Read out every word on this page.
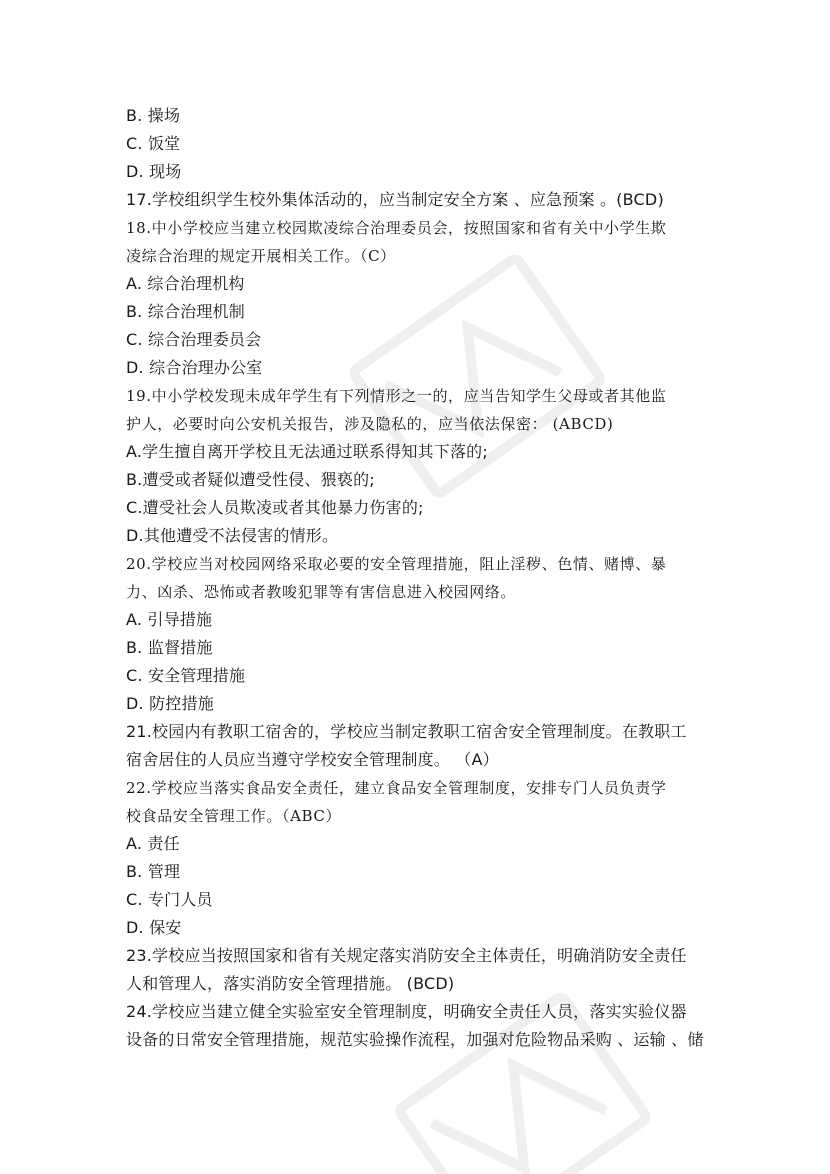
B. 操场
C. 饭堂
D. 现场
17.学校组织学生校外集体活动的，应当制定安全方案 、应急预案 。(BCD)
18.中小学校应当建立校园欺凌综合治理委员会，按照国家和省有关中小学生欺
凌综合治理的规定开展相关工作。（C）
A. 综合治理机构
B. 综合治理机制
C. 综合治理委员会
D. 综合治理办公室
19.中小学校发现未成年学生有下列情形之一的，应当告知学生父母或者其他监
护人，必要时向公安机关报告，涉及隐私的，应当依法保密： (ABCD)
A.学生擅自离开学校且无法通过联系得知其下落的;
B.遭受或者疑似遭受性侵、猥亵的;
C.遭受社会人员欺凌或者其他暴力伤害的;
D.其他遭受不法侵害的情形。
20.学校应当对校园网络采取必要的安全管理措施，阻止淫秽、色情、赌博、暴
力、凶杀、恐怖或者教唆犯罪等有害信息进入校园网络。
A. 引导措施
B. 监督措施
C. 安全管理措施
D. 防控措施
21.校园内有教职工宿舍的，学校应当制定教职工宿舍安全管理制度。在教职工
宿舍居住的人员应当遵守学校安全管理制度。 （A）
22.学校应当落实食品安全责任，建立食品安全管理制度，安排专门人员负责学
校食品安全管理工作。（ABC）
A. 责任
B. 管理
C. 专门人员
D. 保安
23.学校应当按照国家和省有关规定落实消防安全主体责任，明确消防安全责任
人和管理人，落实消防安全管理措施。 (BCD)
24.学校应当建立健全实验室安全管理制度，明确安全责任人员，落实实验仪器
设备的日常安全管理措施，规范实验操作流程，加强对危险物品采购 、运输 、储
